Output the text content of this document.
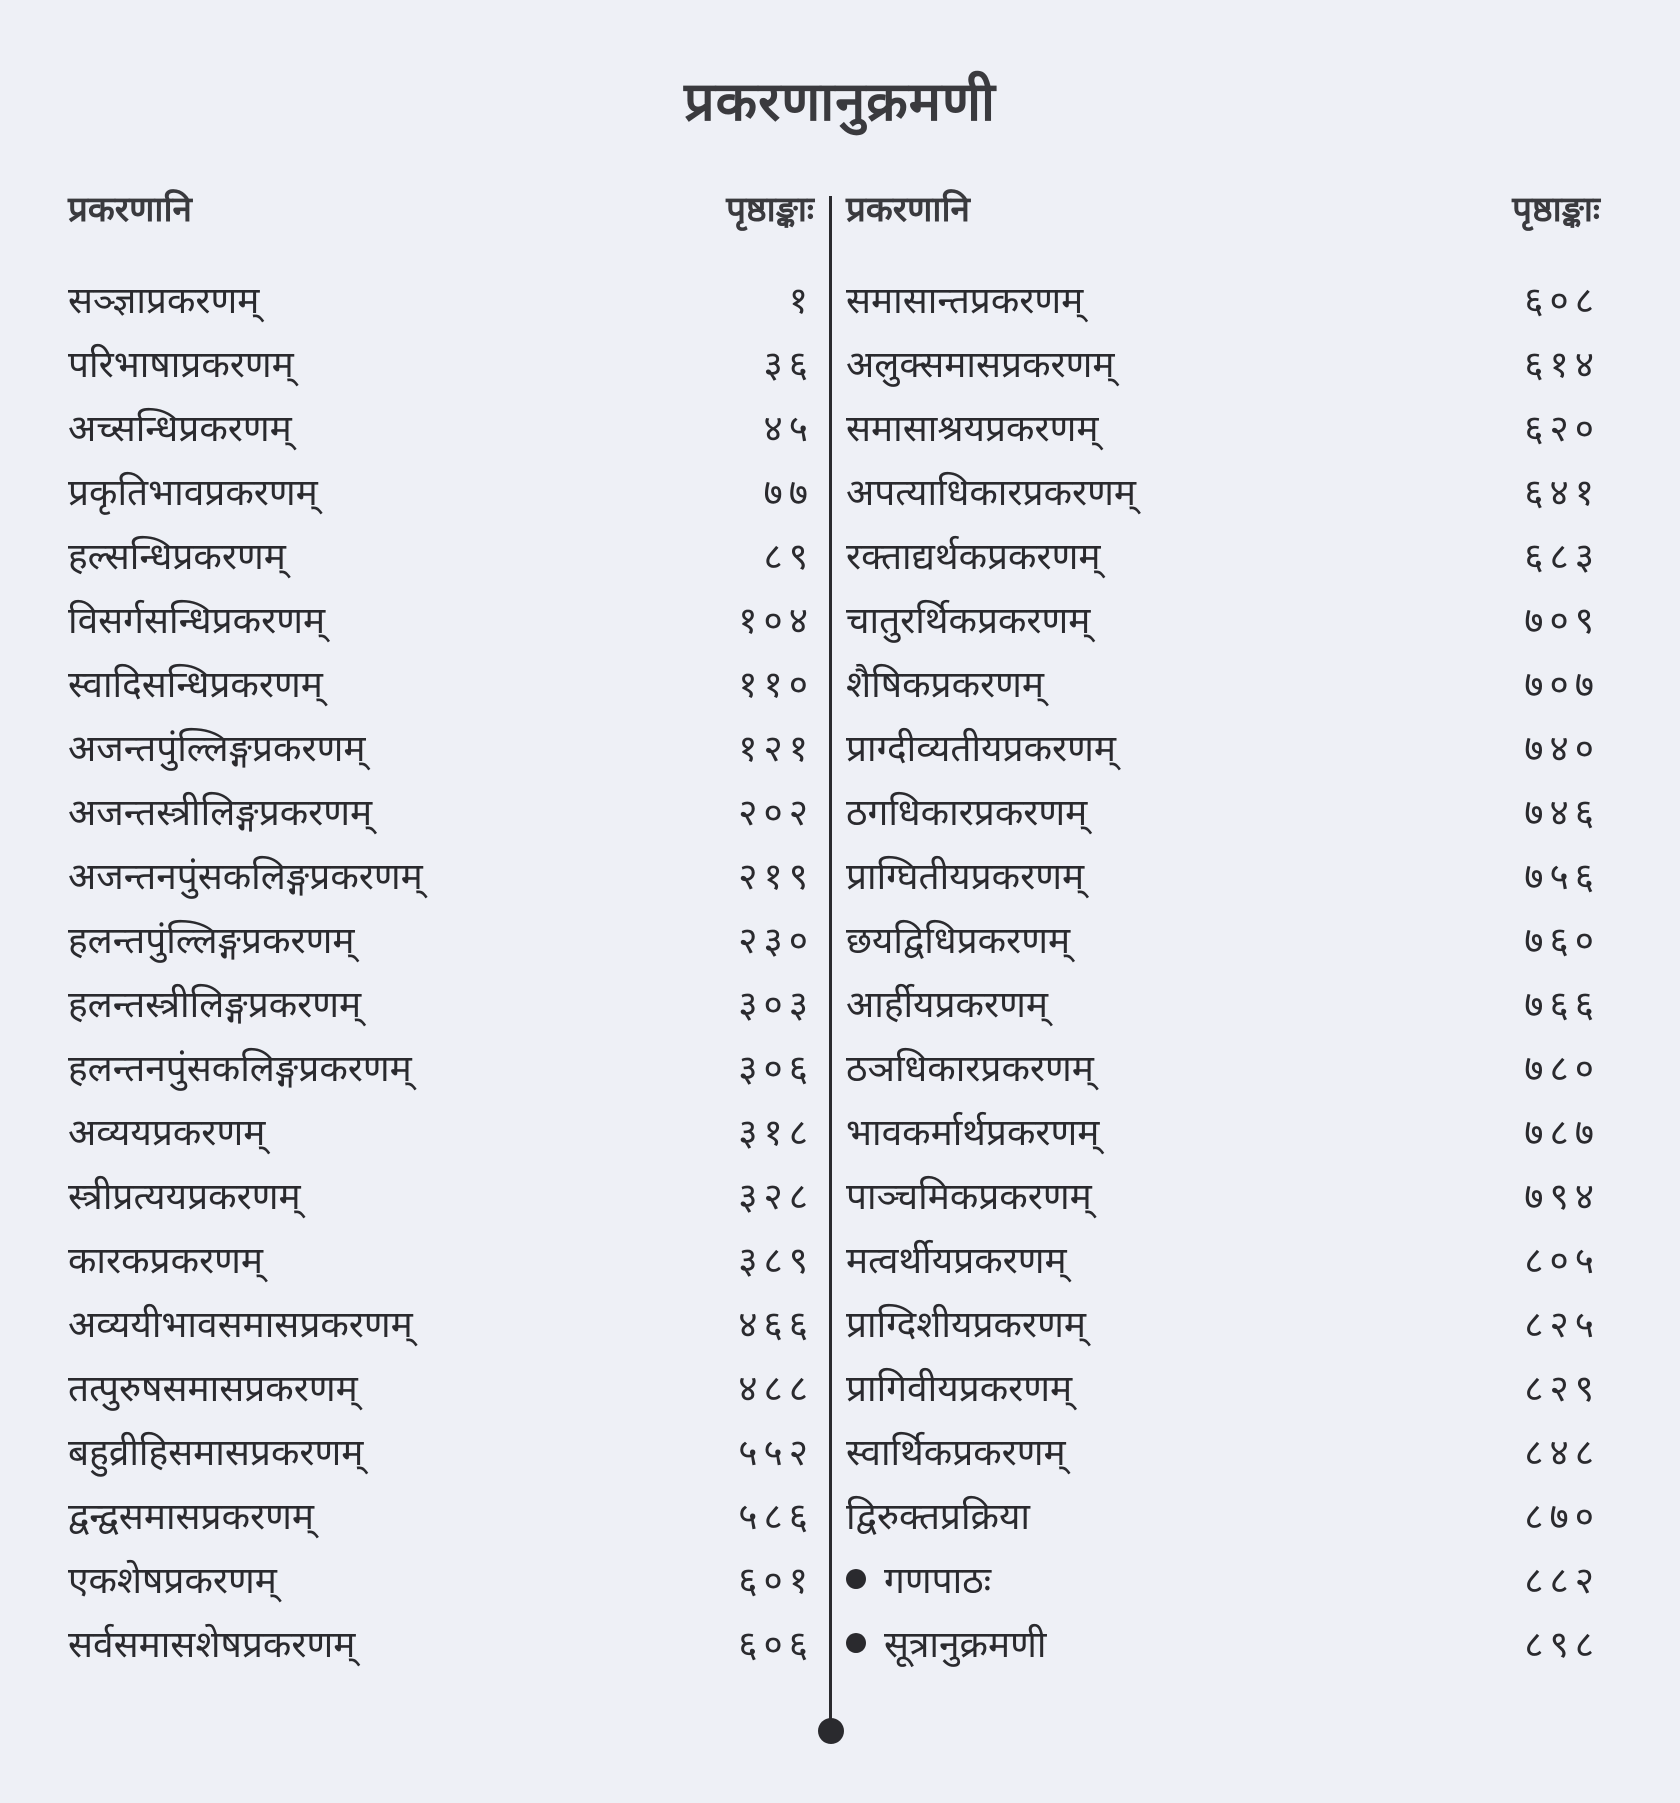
प्रकरणानुक्रमणी
प्रकरणानि	पृष्ठाङ्काः
सञ्ज्ञाप्रकरणम्	१
परिभाषाप्रकरणम्	३६
अच्सन्धिप्रकरणम्	४५
प्रकृतिभावप्रकरणम्	७७
हल्सन्धिप्रकरणम्	८९
विसर्गसन्धिप्रकरणम्	१०४
स्वादिसन्धिप्रकरणम्	११०
अजन्तपुंल्लिङ्गप्रकरणम्	१२१
अजन्तस्त्रीलिङ्गप्रकरणम्	२०२
अजन्तनपुंसकलिङ्गप्रकरणम्	२१९
हलन्तपुंल्लिङ्गप्रकरणम्	२३०
हलन्तस्त्रीलिङ्गप्रकरणम्	३०३
हलन्तनपुंसकलिङ्गप्रकरणम्	३०६
अव्ययप्रकरणम्	३१८
स्त्रीप्रत्ययप्रकरणम्	३२८
कारकप्रकरणम्	३८९
अव्ययीभावसमासप्रकरणम्	४६६
तत्पुरुषसमासप्रकरणम्	४८८
बहुव्रीहिसमासप्रकरणम्	५५२
द्वन्द्वसमासप्रकरणम्	५८६
एकशेषप्रकरणम्	६०१
सर्वसमासशेषप्रकरणम्	६०६
प्रकरणानि	पृष्ठाङ्काः
समासान्तप्रकरणम्	६०८
अलुक्समासप्रकरणम्	६१४
समासाश्रयप्रकरणम्	६२०
अपत्याधिकारप्रकरणम्	६४१
रक्ताद्यर्थकप्रकरणम्	६८३
चातुरर्थिकप्रकरणम्	७०९
शैषिकप्रकरणम्	७०७
प्राग्दीव्यतीयप्रकरणम्	७४०
ठगधिकारप्रकरणम्	७४६
प्राग्घितीयप्रकरणम्	७५६
छयद्विधिप्रकरणम्	७६०
आर्हीयप्रकरणम्	७६६
ठञधिकारप्रकरणम्	७८०
भावकर्मार्थप्रकरणम्	७८७
पाञ्चमिकप्रकरणम्	७९४
मत्वर्थीयप्रकरणम्	८०५
प्राग्दिशीयप्रकरणम्	८२५
प्रागिवीयप्रकरणम्	८२९
स्वार्थिकप्रकरणम्	८४८
द्विरुक्तप्रक्रिया	८७०
गणपाठः	८८२
सूत्रानुक्रमणी	८९८
